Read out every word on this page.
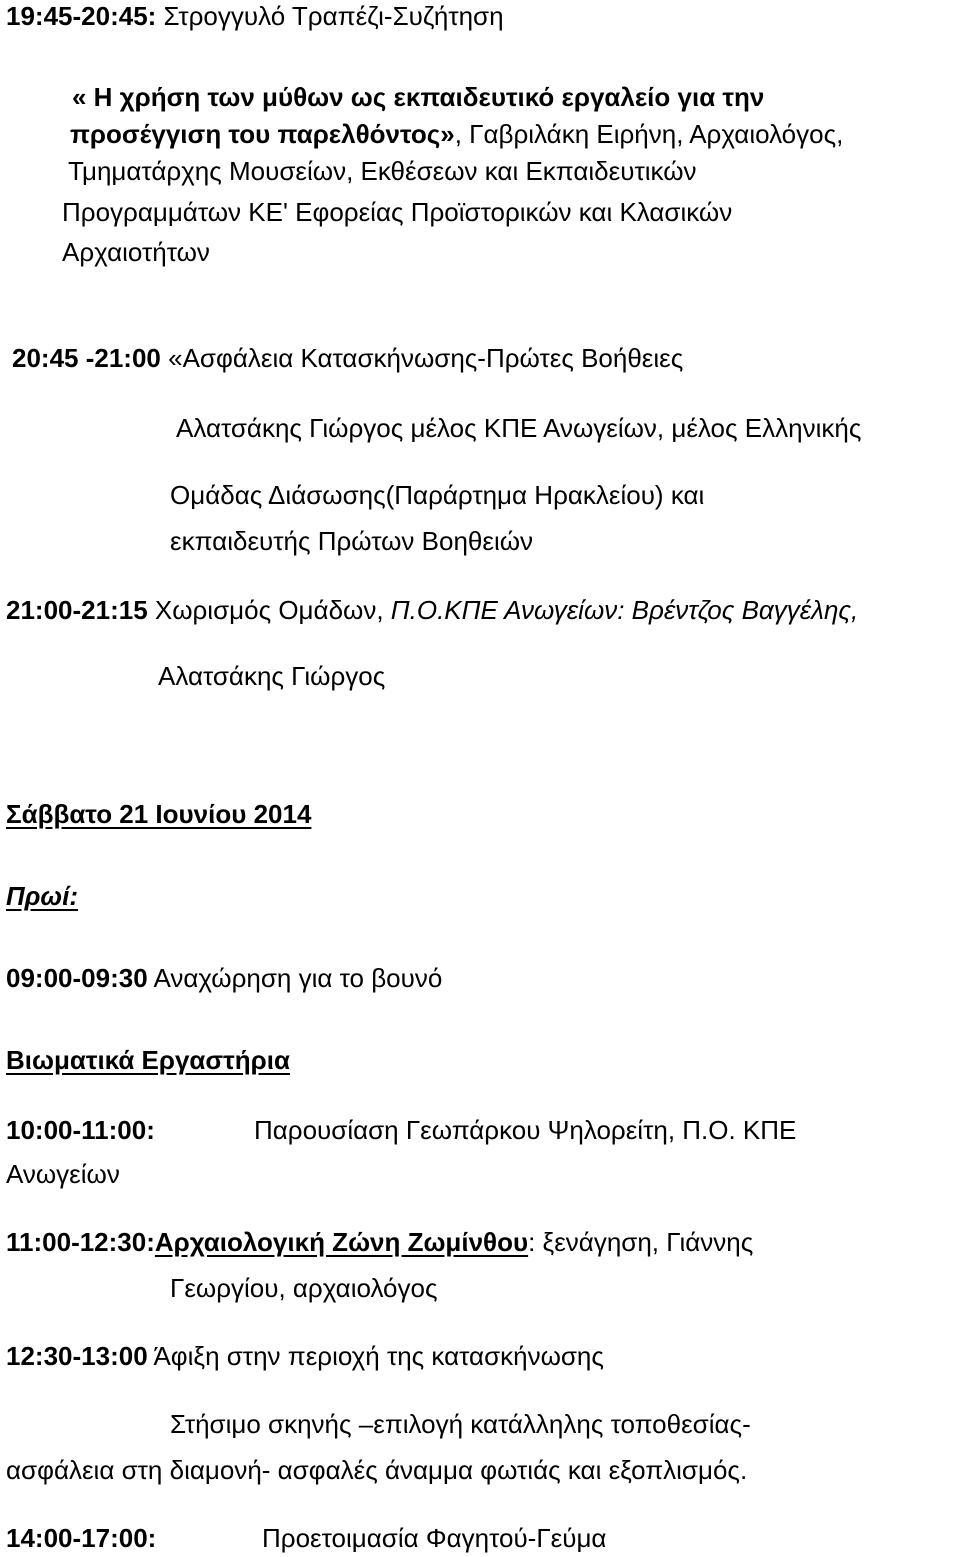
19:45-20:45: Στρογγυλό Τραπέζι-Συζήτηση
« Η χρήση των μύθων ως εκπαιδευτικό εργαλείο για την
προσέγγιση του παρελθόντος», Γαβριλάκη Ειρήνη, Αρχαιολόγος,
Τμηματάρχης Μουσείων, Εκθέσεων και Εκπαιδευτικών
Προγραμμάτων ΚΕ' Εφορείας Προϊστορικών και Κλασικών
Αρχαιοτήτων
20:45 -21:00 «Ασφάλεια Κατασκήνωσης-Πρώτες Βοήθειες
Αλατσάκης Γιώργος μέλος ΚΠΕ Ανωγείων, μέλος Ελληνικής
Ομάδας Διάσωσης(Παράρτημα Ηρακλείου) και
εκπαιδευτής Πρώτων Βοηθειών
21:00-21:15 Χωρισμός Ομάδων, Π.Ο.ΚΠΕ Ανωγείων: Βρέντζος Βαγγέλης,
Αλατσάκης Γιώργος
Σάββατο 21 Ιουνίου 2014
Πρωί:
09:00-09:30 Αναχώρηση για το βουνό
Βιωματικά Εργαστήρια
10:00-11:00:	Παρουσίαση Γεωπάρκου Ψηλορείτη, Π.Ο. ΚΠΕ
Ανωγείων
11:00-12:30:Αρχαιολογική Ζώνη Ζωμίνθου: ξενάγηση, Γιάννης
Γεωργίου, αρχαιολόγος
12:30-13:00 Άφιξη στην περιοχή της κατασκήνωσης
Στήσιμο σκηνής –επιλογή κατάλληλης τοποθεσίας-
ασφάλεια στη διαμονή- ασφαλές άναμμα φωτιάς και εξοπλισμός.
14:00-17:00:	Προετοιμασία Φαγητού-Γεύμα
